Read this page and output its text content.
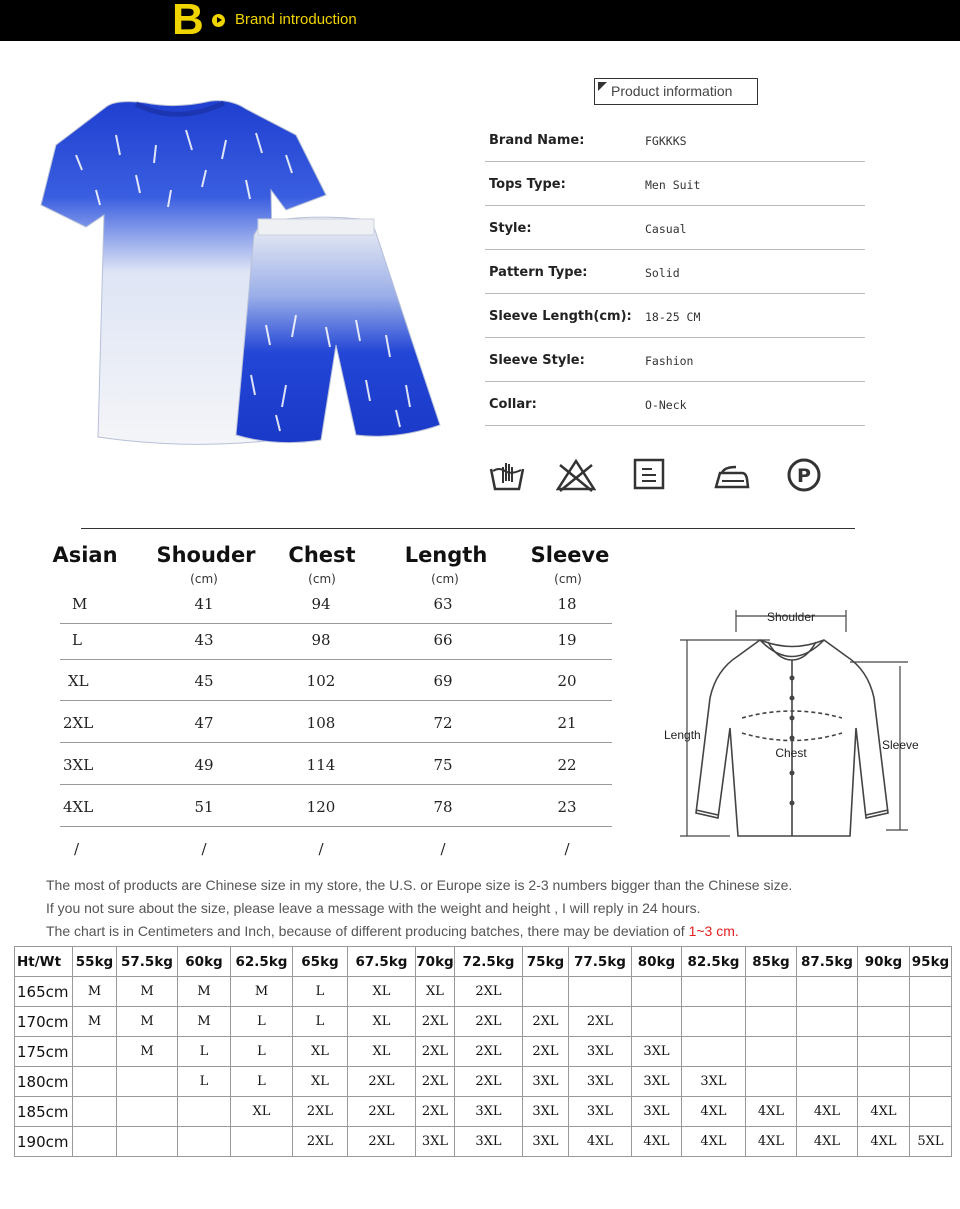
B Brand introduction
Product information
Brand Name:	FGKKKS
Tops Type:	Men Suit
Style:	Casual
Pattern Type:	Solid
Sleeve Length(cm): 18-25 CM
Sleeve Style:	Fashion
Collar:	O-Neck
P
Asian	Shouder	Chest	Length	Sleeve
(cm)	(cm)	(cm)	(cm)
M	41	94	63	18
L	43	98	66	19
XL	45	102	69	20
2XL	47	108	72	21
3XL	49	114	75	22
4XL	51	120	78	23
/	/	/	/	/
Shoulder
Length
Chest
Sleeve
The most of products are Chinese size in my store, the U.S. or Europe size is 2-3 numbers bigger than the Chinese size.
If you not sure about the size, please leave a message with the weight and height , I will reply in 24 hours.
The chart is in Centimeters and Inch, because of different producing batches, there may be deviation of 1~3 cm.
Ht/Wt	55kg	57.5kg	60kg	62.5kg	65kg	67.5kg	70kg	72.5kg	75kg	77.5kg	80kg	82.5kg	85kg	87.5kg	90kg	95kg
165cm	M	M	M	M	L	XL	XL	2XL								
170cm	M	M	M	L	L	XL	2XL	2XL	2XL	2XL						
175cm		M	L	L	XL	XL	2XL	2XL	2XL	3XL	3XL					
180cm			L	L	XL	2XL	2XL	2XL	3XL	3XL	3XL	3XL				
185cm				XL	2XL	2XL	2XL	3XL	3XL	3XL	3XL	4XL	4XL	4XL	4XL	
190cm					2XL	2XL	3XL	3XL	3XL	4XL	4XL	4XL	4XL	4XL	4XL	5XL
